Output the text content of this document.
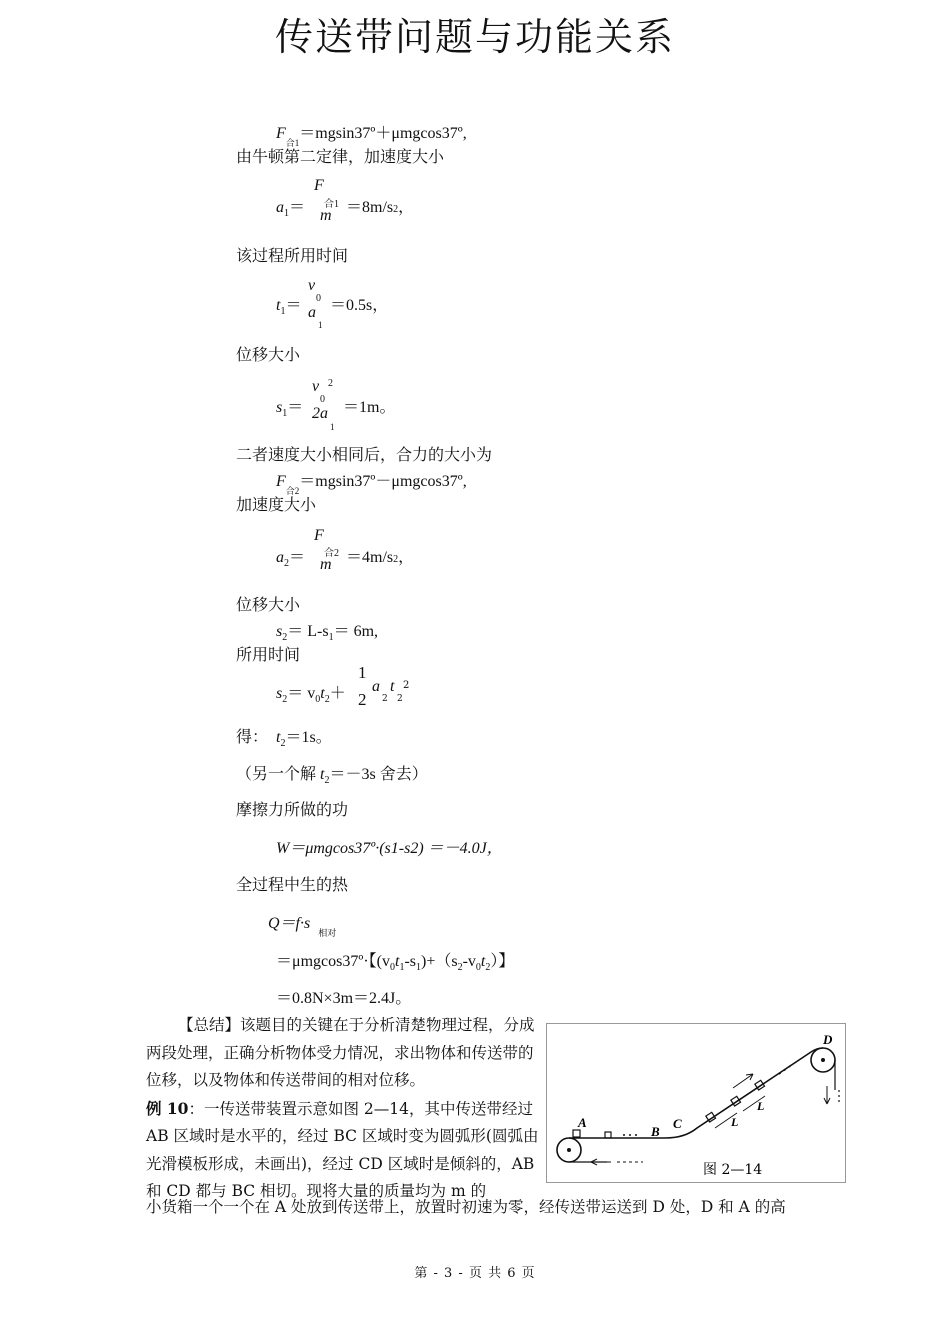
传送带问题与功能关系
$F_{合1}=mgsin37º+\mu mgcos37º$,
由牛顿第二定律，加速度大小
$a_1=$
F
合1
m ＝8m/s2，
该过程所用时间
$t_1=$
v
0
a
1
＝0.5s，
位移大小
$s_1=$
v 2
0
2a
1
＝1m。
二者速度大小相同后，合力的大小为
$F_{合2}=mgsin37º-\mu mgcos37º$,
加速度大小
$a_2=$
F
合2
m ＝4m/s2，
位移大小
$s_2= L-s_1= 6m$,
所用时间
$s_2= v_0t_2+$
1
2
a
2
t
2
2
得： $t_2=1s$。
（另一个解 $t_2=-3s$ 舍去）
摩擦力所做的功
W＝μmgcos37º·(s1-s2) ＝－4.0J，
全过程中生的热
$Q=f\cdot s_{相对}$
＝μmgcos37º·【$(v_0t_1-s_1)+(s_2-v_0t_2)$】
＝0.8N×3m＝2.4J。

【总结】该题目的关键在于分析清楚物理过程，分成两段处理，正确分析物体受力情况，求出物体和传送带的位移，以及物体和传送带间的相对位移。

例 10：一传送带装置示意如图 2—14，其中传送带经过 AB 区域时是水平的，经过 BC 区域时变为圆弧形(圆弧由光滑模板形成，未画出)，经过 CD 区域时是倾斜的，AB 和 CD 都与 BC 相切。现将大量的质量均为 m 的

小货箱一个一个在 A 处放到传送带上，放置时初速为零，经传送带运送到 D 处，D 和 A 的高
A
B
C
D
L
L
图 2—14
第 - 3 - 页 共 6 页
